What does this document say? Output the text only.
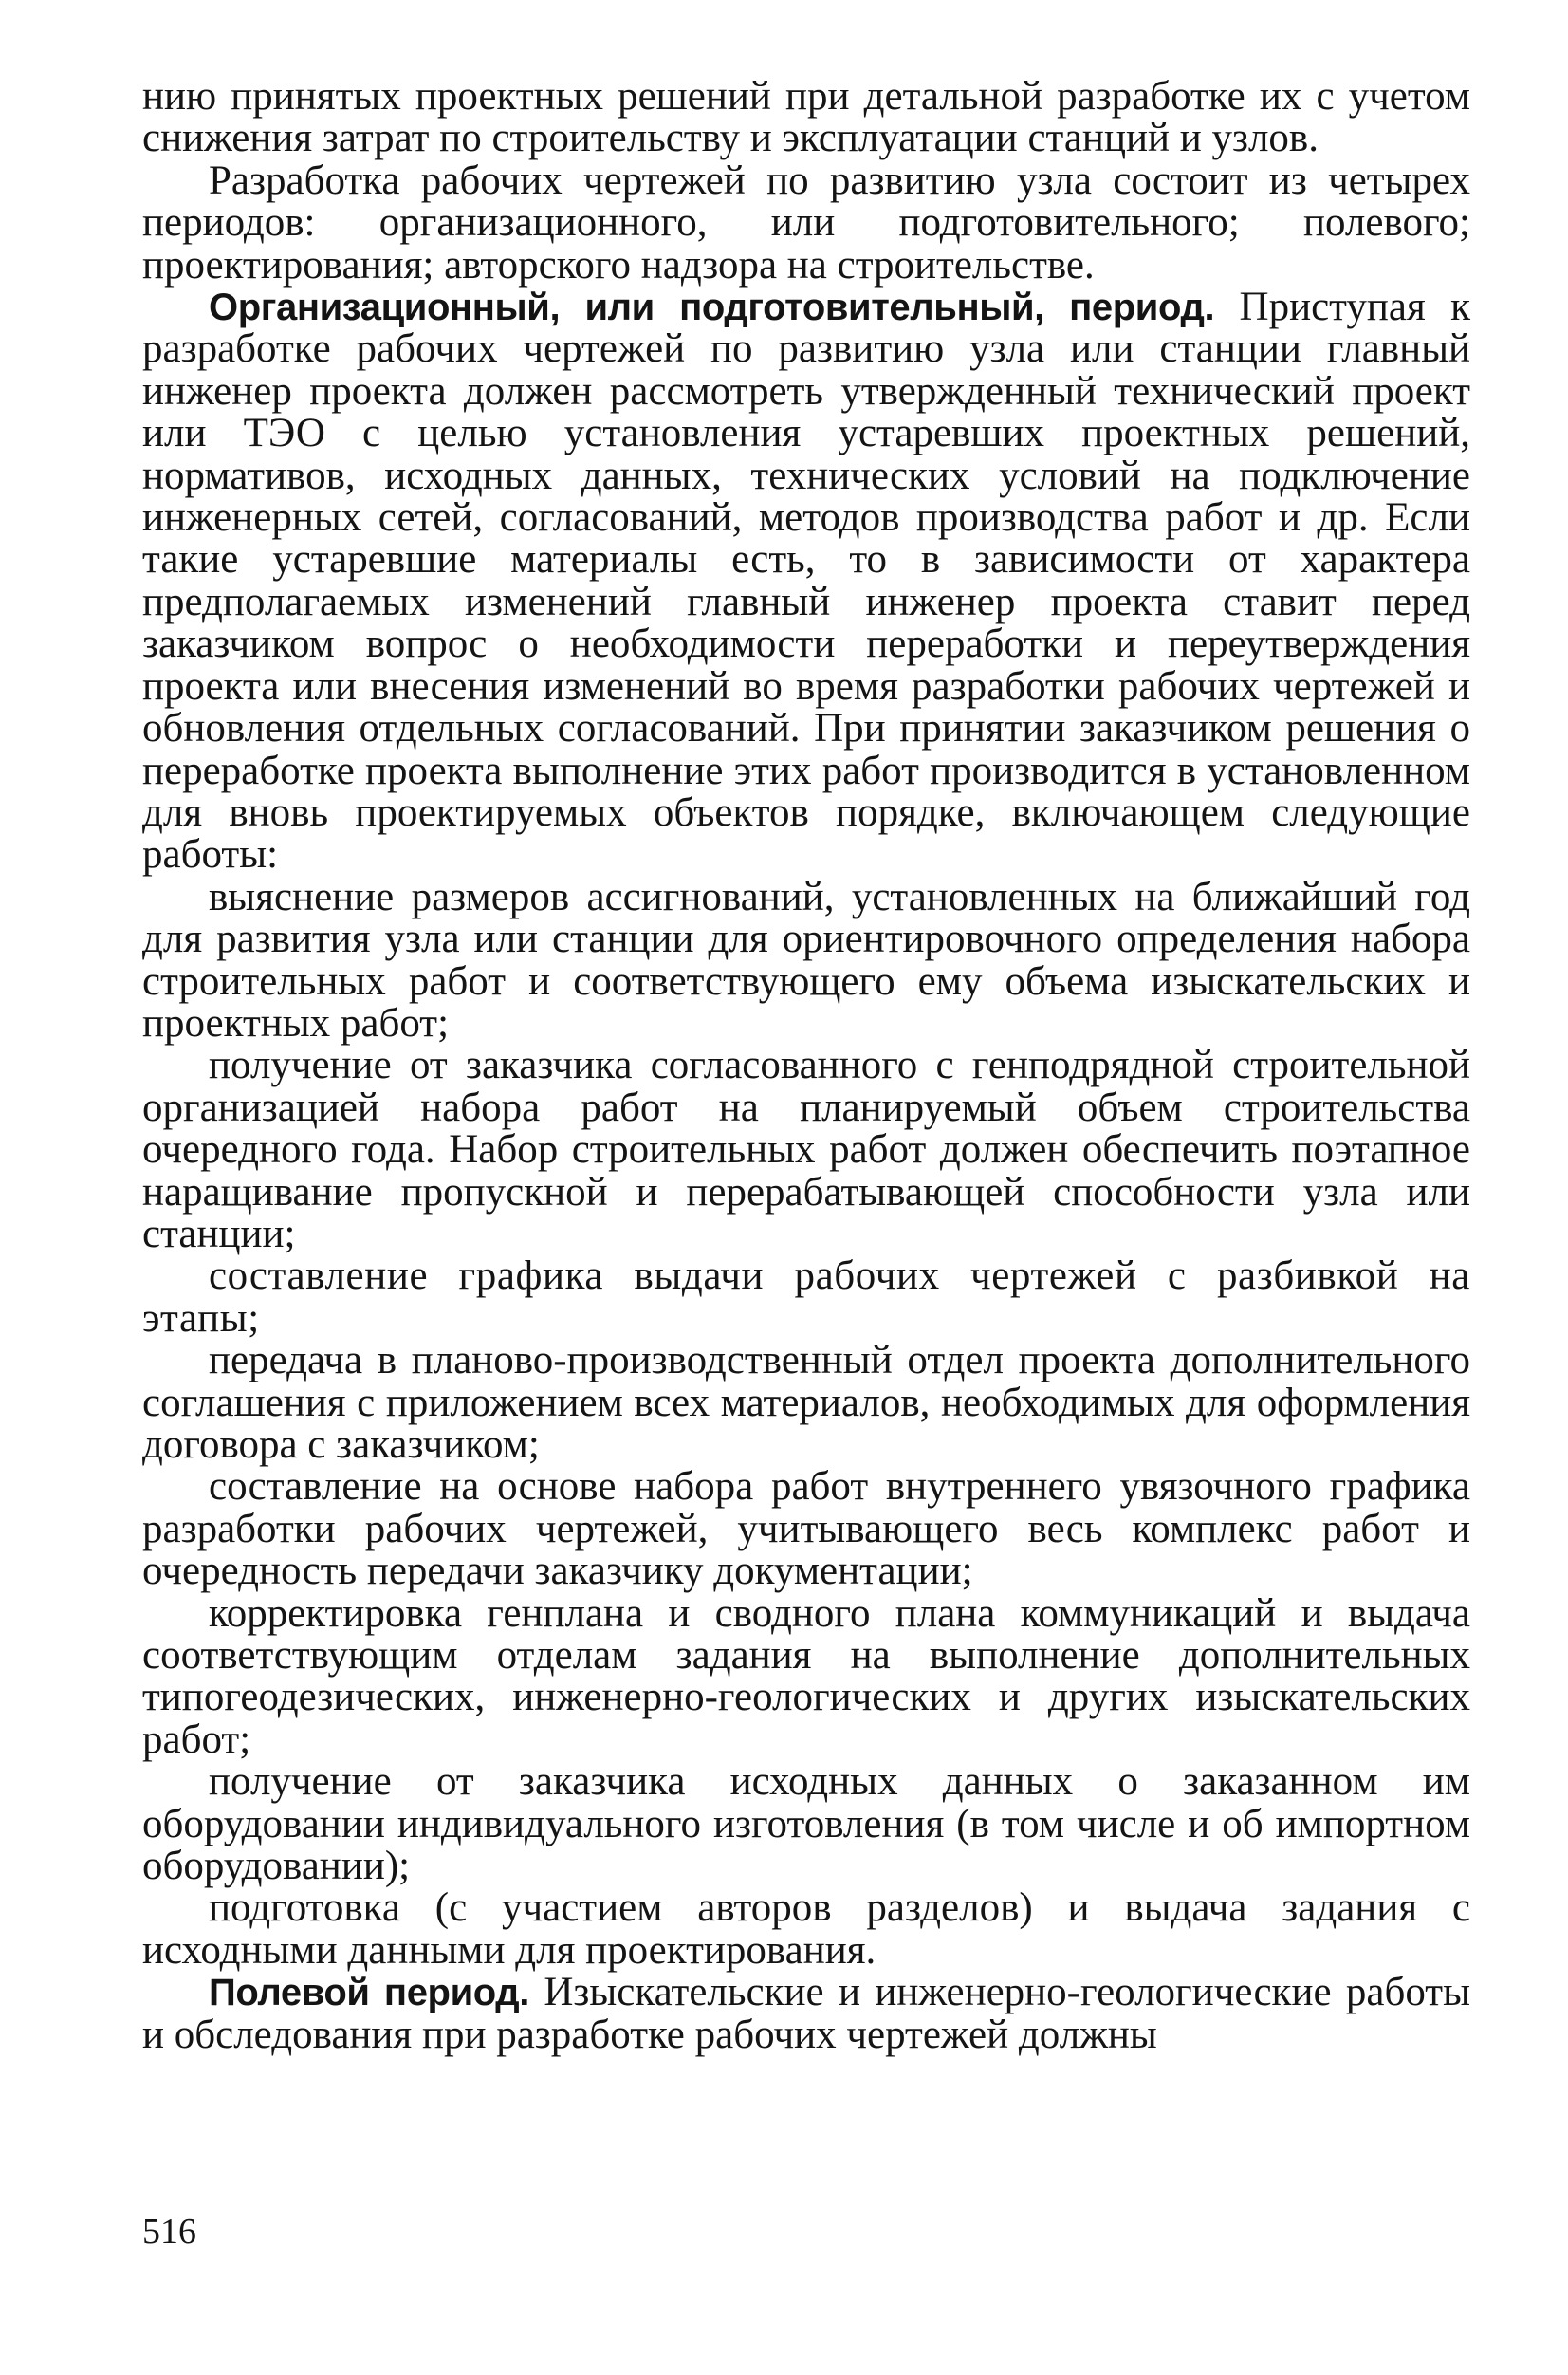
нию принятых проектных решений при детальной разработке их с учетом снижения затрат по строительству и эксплуатации станций и узлов.

Разработка рабочих чертежей по развитию узла состоит из четырех периодов: организационного, или подготовительного; полевого; проектирования; авторского надзора на строительстве.

Организационный, или подготовительный, период. Приступая к разработке рабочих чертежей по развитию узла или станции главный инженер проекта должен рассмотреть утвержденный технический проект или ТЭО с целью установления устаревших проектных решений, нормативов, исходных данных, технических условий на подключение инженерных сетей, согласований, методов производства работ и др. Если такие устаревшие материалы есть, то в зависимости от характера предполагаемых изменений главный инженер проекта ставит перед заказчиком вопрос о необходимости переработки и переутверждения проекта или внесения изменений во время разработки рабочих чертежей и обновления отдельных согласований. При принятии заказчиком решения о переработке проекта выполнение этих работ производится в установленном для вновь проектируемых объектов порядке, включающем следующие работы:

выяснение размеров ассигнований, установленных на ближайший год для развития узла или станции для ориентировочного определения набора строительных работ и соответствующего ему объема изыскательских и проектных работ;

получение от заказчика согласованного с генподрядной строительной организацией набора работ на планируемый объем строительства очередного года. Набор строительных работ должен обеспечить поэтапное наращивание пропускной и перерабатывающей способности узла или станции;

составление графика выдачи рабочих чертежей с разбивкой на этапы;

передача в планово-производственный отдел проекта дополнительного соглашения с приложением всех материалов, необходимых для оформления договора с заказчиком;

составление на основе набора работ внутреннего увязочного графика разработки рабочих чертежей, учитывающего весь комплекс работ и очередность передачи заказчику документации;

корректировка генплана и сводного плана коммуникаций и выдача соответствующим отделам задания на выполнение дополнительных типогеодезических, инженерно-геологических и других изыскательских работ;

получение от заказчика исходных данных о заказанном им оборудовании индивидуального изготовления (в том числе и об импортном оборудовании);

подготовка (с участием авторов разделов) и выдача задания с исходными данными для проектирования.

Полевой период. Изыскательские и инженерно-геологические работы и обследования при разработке рабочих чертежей должны

516
